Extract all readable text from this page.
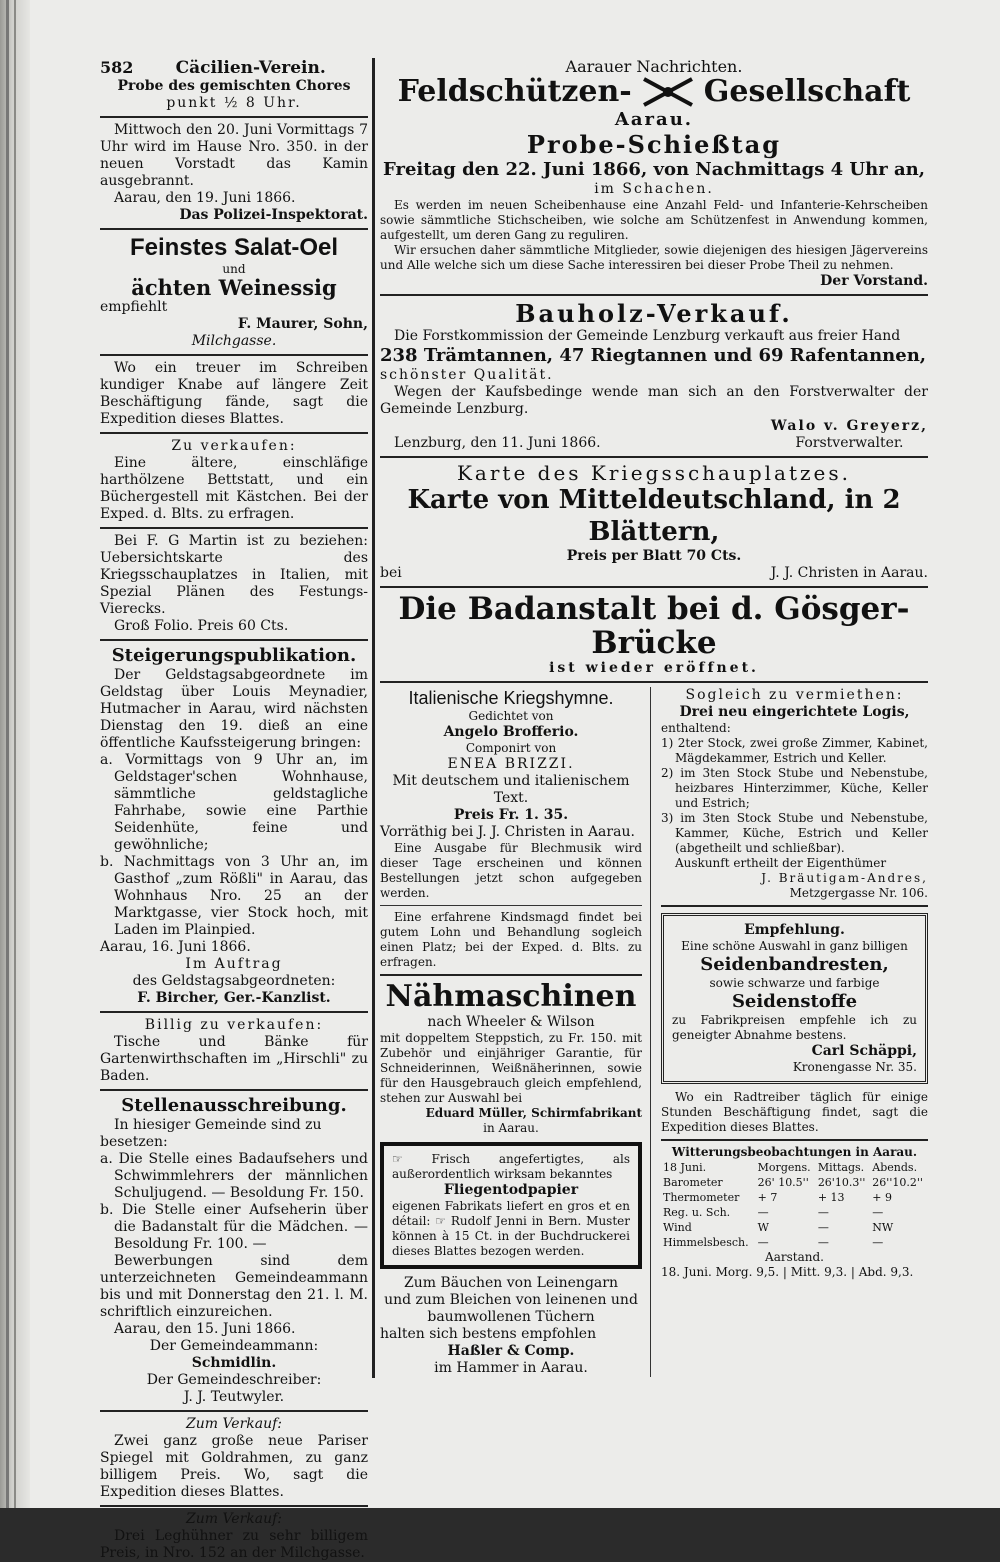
582	Cäcilien-Verein.

Probe des gemischten Chores

punkt ½ 8 Uhr.

Mittwoch den 20. Juni Vormittags 7 Uhr wird im Hause Nro. 350. in der neuen Vorstadt das Kamin ausgebrannt.

Aarau, den 19. Juni 1866.

Das Polizei-Inspektorat.

Feinstes Salat-Oel

und

ächten Weinessig

empfiehlt

F. Maurer, Sohn,

Milchgasse.

Wo ein treuer im Schreiben kundiger Knabe auf längere Zeit Beschäftigung fände, sagt die Expedition dieses Blattes.

Zu verkaufen:

Eine ältere, einschläfige harthölzene Bettstatt, und ein Büchergestell mit Kästchen. Bei der Exped. d. Blts. zu erfragen.

Bei F. G Martin ist zu beziehen: Uebersichtskarte des Kriegsschauplatzes in Italien, mit Spezial Plänen des Festungs-Vierecks.

Groß Folio. Preis 60 Cts.

Steigerungspublikation.

Der Geldstagsabgeordnete im Geldstag über Louis Meynadier, Hutmacher in Aarau, wird nächsten Dienstag den 19. dieß an eine öffentliche Kaufssteigerung bringen:

a. Vormittags von 9 Uhr an, im Geldstager'schen Wohnhause, sämmtliche geldstagliche Fahrhabe, sowie eine Parthie Seidenhüte, feine und gewöhnliche;

b. Nachmittags von 3 Uhr an, im Gasthof „zum Rößli" in Aarau, das Wohnhaus Nro. 25 an der Marktgasse, vier Stock hoch, mit Laden im Plainpied.

Aarau, 16. Juni 1866.

Im Auftrag

des Geldstagsabgeordneten:

F. Bircher, Ger.-Kanzlist.

Billig zu verkaufen:

Tische und Bänke für Gartenwirthschaften im „Hirschli" zu Baden.

Stellenausschreibung.

In hiesiger Gemeinde sind zu besetzen:

a. Die Stelle eines Badaufsehers und Schwimmlehrers der männlichen Schuljugend. — Besoldung Fr. 150.

b. Die Stelle einer Aufseherin über die Badanstalt für die Mädchen. — Besoldung Fr. 100. —

Bewerbungen sind dem unterzeichneten Gemeindeammann bis und mit Donnerstag den 21. l. M. schriftlich einzureichen.

Aarau, den 15. Juni 1866.

Der Gemeindeammann:

Schmidlin.

Der Gemeindeschreiber:

J. J. Teutwyler.

Zum Verkauf:

Zwei ganz große neue Pariser Spiegel mit Goldrahmen, zu ganz billigem Preis. Wo, sagt die Expedition dieses Blattes.

Zum Verkauf:

Drei Leghühner zu sehr billigem Preis, in Nro. 152 an der Milchgasse.

Aarauer Nachrichten.

Feldschützen- Gesellschaft

Aarau.

Probe-Schießtag

Freitag den 22. Juni 1866, von Nachmittags 4 Uhr an,

im Schachen.

Es werden im neuen Scheibenhause eine Anzahl Feld- und Infanterie-Kehrscheiben sowie sämmtliche Stichscheiben, wie solche am Schützenfest in Anwendung kommen, aufgestellt, um deren Gang zu reguliren.

Wir ersuchen daher sämmtliche Mitglieder, sowie diejenigen des hiesigen Jägervereins und Alle welche sich um diese Sache interessiren bei dieser Probe Theil zu nehmen.

Der Vorstand.

Bauholz-Verkauf.

Die Forstkommission der Gemeinde Lenzburg verkauft aus freier Hand

238 Trämtannen, 47 Riegtannen und 69 Rafentannen,

schönster Qualität.

Wegen der Kaufsbedinge wende man sich an den Forstverwalter der Gemeinde Lenzburg.

Lenzburg, den 11. Juni 1866.

Walo v. Greyerz,

Forstverwalter.

Karte des Kriegsschauplatzes.

Karte von Mitteldeutschland, in 2 Blättern,

Preis per Blatt 70 Cts.

bei	J. J. Christen in Aarau.

Die Badanstalt bei d. Gösger-Brücke

ist wieder eröffnet.

Italienische Kriegshymne.

Gedichtet von

Angelo Brofferio.

Componirt von

ENEA BRIZZI.

Mit deutschem und italienischem Text.

Preis Fr. 1. 35.

Vorräthig bei J. J. Christen in Aarau.

Eine Ausgabe für Blechmusik wird dieser Tage erscheinen und können Bestellungen jetzt schon aufgegeben werden.

Eine erfahrene Kindsmagd findet bei gutem Lohn und Behandlung sogleich einen Platz; bei der Exped. d. Blts. zu erfragen.

Nähmaschinen

nach Wheeler & Wilson

mit doppeltem Steppstich, zu Fr. 150. mit Zubehör und einjähriger Garantie, für Schneiderinnen, Weißnäherinnen, sowie für den Hausgebrauch gleich empfehlend, stehen zur Auswahl bei

Eduard Müller, Schirmfabrikant

in Aarau.

☞ Frisch angefertigtes, als außerordentlich wirksam bekanntes

Fliegentodpapier

eigenen Fabrikats liefert en gros et en détail: ☞ Rudolf Jenni in Bern. Muster können à 15 Ct. in der Buchdruckerei dieses Blattes bezogen werden.

Zum Bäuchen von Leinengarn

und zum Bleichen von leinenen und

baumwollenen Tüchern

halten sich bestens empfohlen

Haßler & Comp.

im Hammer in Aarau.

Sogleich zu vermiethen:

Drei neu eingerichtete Logis,

enthaltend:

1) 2ter Stock, zwei große Zimmer, Kabinet, Mägdekammer, Estrich und Keller.

2) im 3ten Stock Stube und Nebenstube, heizbares Hinterzimmer, Küche, Keller und Estrich;

3) im 3ten Stock Stube und Nebenstube, Kammer, Küche, Estrich und Keller (abgetheilt und schließbar).

Auskunft ertheilt der Eigenthümer

J. Bräutigam-Andres,

Metzgergasse Nr. 106.

Empfehlung.

Eine schöne Auswahl in ganz billigen

Seidenbandresten,

sowie schwarze und farbige

Seidenstoffe

zu Fabrikpreisen empfehle ich zu geneigter Abnahme bestens.

Carl Schäppi,

Kronengasse Nr. 35.

Wo ein Radtreiber täglich für einige Stunden Beschäftigung findet, sagt die Expedition dieses Blattes.

Witterungsbeobachtungen in Aarau.

18 Juni.	Morgens.	Mittags.	Abends.
Barometer	26' 10.5''	26'10.3''	26''10.2''
Thermometer	+ 7	+ 13	+ 9
Reg. u. Sch.	—	—	—
Wind	W	—	NW
Himmelsbesch.	—	—	—

Aarstand.

18. Juni. Morg. 9,5. | Mitt. 9,3. | Abd. 9,3.
